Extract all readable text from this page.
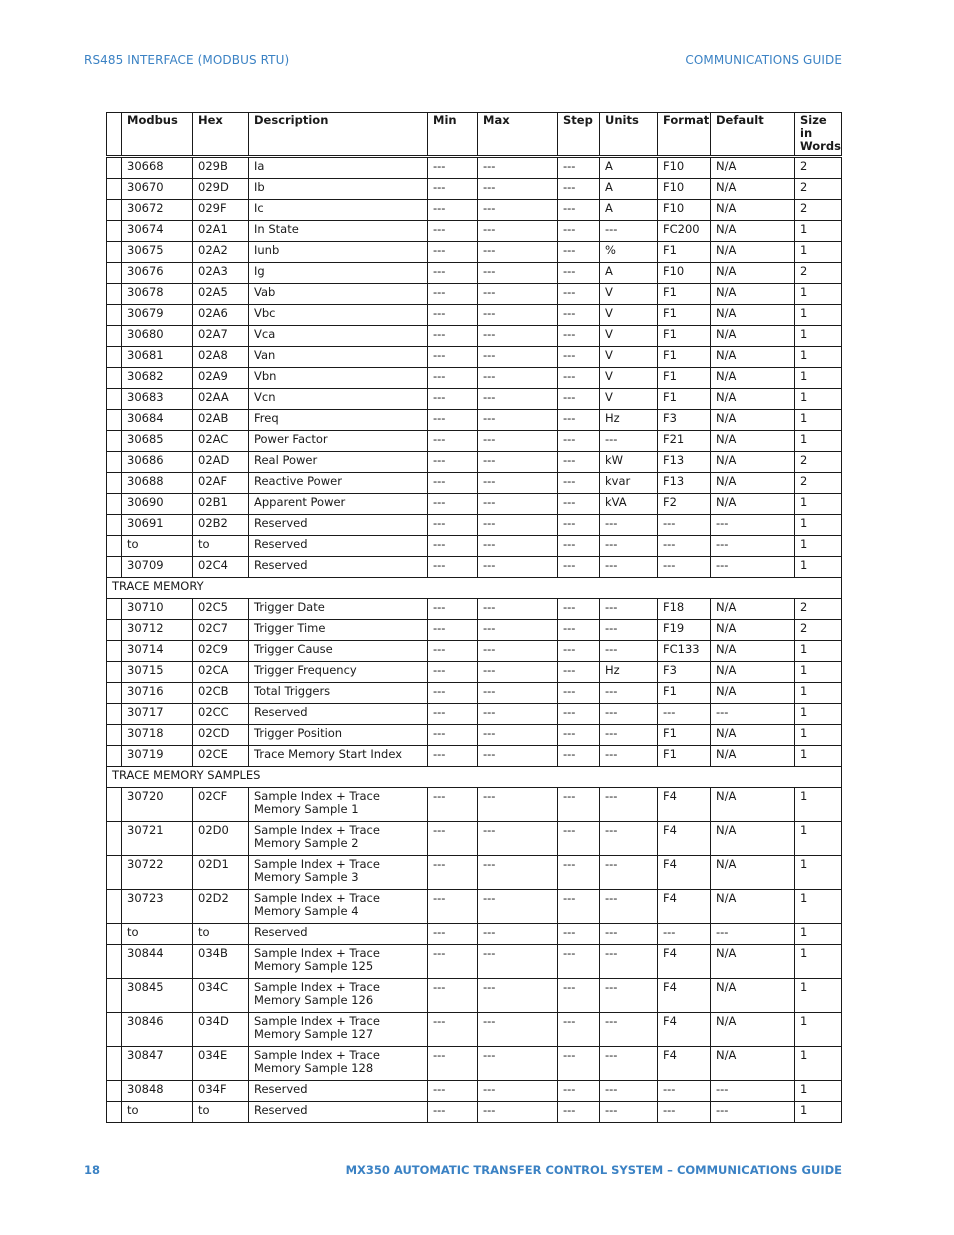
RS485 INTERFACE (MODBUS RTU)	COMMUNICATIONS GUIDE
	Modbus	Hex	Description	Min	Max	Step	Units	Format	Default	Size in Words
	30668	029B	Ia	---	---	---	A	F10	N/A	2
	30670	029D	Ib	---	---	---	A	F10	N/A	2
	30672	029F	Ic	---	---	---	A	F10	N/A	2
	30674	02A1	In State	---	---	---	---	FC200	N/A	1
	30675	02A2	Iunb	---	---	---	%	F1	N/A	1
	30676	02A3	Ig	---	---	---	A	F10	N/A	2
	30678	02A5	Vab	---	---	---	V	F1	N/A	1
	30679	02A6	Vbc	---	---	---	V	F1	N/A	1
	30680	02A7	Vca	---	---	---	V	F1	N/A	1
	30681	02A8	Van	---	---	---	V	F1	N/A	1
	30682	02A9	Vbn	---	---	---	V	F1	N/A	1
	30683	02AA	Vcn	---	---	---	V	F1	N/A	1
	30684	02AB	Freq	---	---	---	Hz	F3	N/A	1
	30685	02AC	Power Factor	---	---	---	---	F21	N/A	1
	30686	02AD	Real Power	---	---	---	kW	F13	N/A	2
	30688	02AF	Reactive Power	---	---	---	kvar	F13	N/A	2
	30690	02B1	Apparent Power	---	---	---	kVA	F2	N/A	1
	30691	02B2	Reserved	---	---	---	---	---	---	1
	to	to	Reserved	---	---	---	---	---	---	1
	30709	02C4	Reserved	---	---	---	---	---	---	1
TRACE MEMORY										
	30710	02C5	Trigger Date	---	---	---	---	F18	N/A	2
	30712	02C7	Trigger Time	---	---	---	---	F19	N/A	2
	30714	02C9	Trigger Cause	---	---	---	---	FC133	N/A	1
	30715	02CA	Trigger Frequency	---	---	---	Hz	F3	N/A	1
	30716	02CB	Total Triggers	---	---	---	---	F1	N/A	1
	30717	02CC	Reserved	---	---	---	---	---	---	1
	30718	02CD	Trigger Position	---	---	---	---	F1	N/A	1
	30719	02CE	Trace Memory Start Index	---	---	---	---	F1	N/A	1
TRACE MEMORY SAMPLES										
	30720	02CF	Sample Index + Trace Memory Sample 1	---	---	---	---	F4	N/A	1
	30721	02D0	Sample Index + Trace Memory Sample 2	---	---	---	---	F4	N/A	1
	30722	02D1	Sample Index + Trace Memory Sample 3	---	---	---	---	F4	N/A	1
	30723	02D2	Sample Index + Trace Memory Sample 4	---	---	---	---	F4	N/A	1
	to	to	Reserved	---	---	---	---	---	---	1
	30844	034B	Sample Index + Trace Memory Sample 125	---	---	---	---	F4	N/A	1
	30845	034C	Sample Index + Trace Memory Sample 126	---	---	---	---	F4	N/A	1
	30846	034D	Sample Index + Trace Memory Sample 127	---	---	---	---	F4	N/A	1
	30847	034E	Sample Index + Trace Memory Sample 128	---	---	---	---	F4	N/A	1
	30848	034F	Reserved	---	---	---	---	---	---	1
	to	to	Reserved	---	---	---	---	---	---	1
18	MX350 AUTOMATIC TRANSFER CONTROL SYSTEM – COMMUNICATIONS GUIDE
